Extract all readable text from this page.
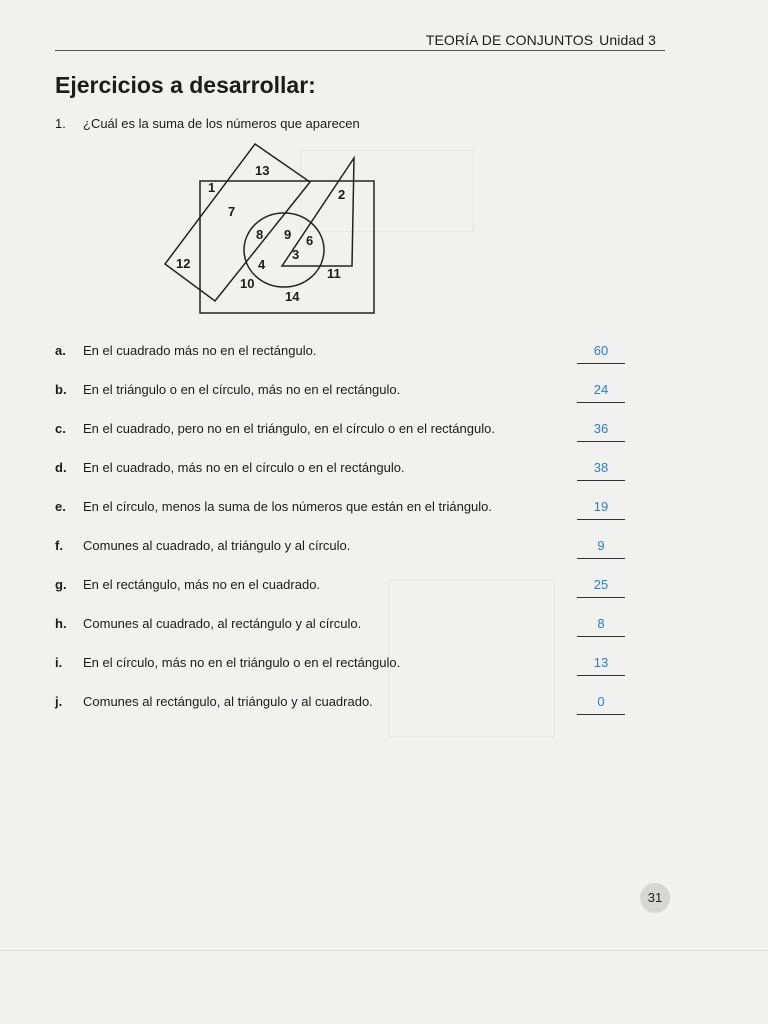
TEORÍA DE CONJUNTOS Unidad 3
Ejercicios a desarrollar:
1. ¿Cuál es la suma de los números que aparecen
13
1
7
2
8 9 6
3
12	4
11
10
14
a.	En el cuadrado más no en el rectángulo.	60
b.	En el triángulo o en el círculo, más no en el rectángulo.	24
c.	En el cuadrado, pero no en el triángulo, en el círculo o en el rectángulo.	36
d.	En el cuadrado, más no en el círculo o en el rectángulo.	38
e.	En el círculo, menos la suma de los números que están en el triángulo.	19
f.	Comunes al cuadrado, al triángulo y al círculo.	9
g.	En el rectángulo, más no en el cuadrado.	25
h.	Comunes al cuadrado, al rectángulo y al círculo.	8
i.	En el círculo, más no en el triángulo o en el rectángulo.	13
j.	Comunes al rectángulo, al triángulo y al cuadrado.	0
31
